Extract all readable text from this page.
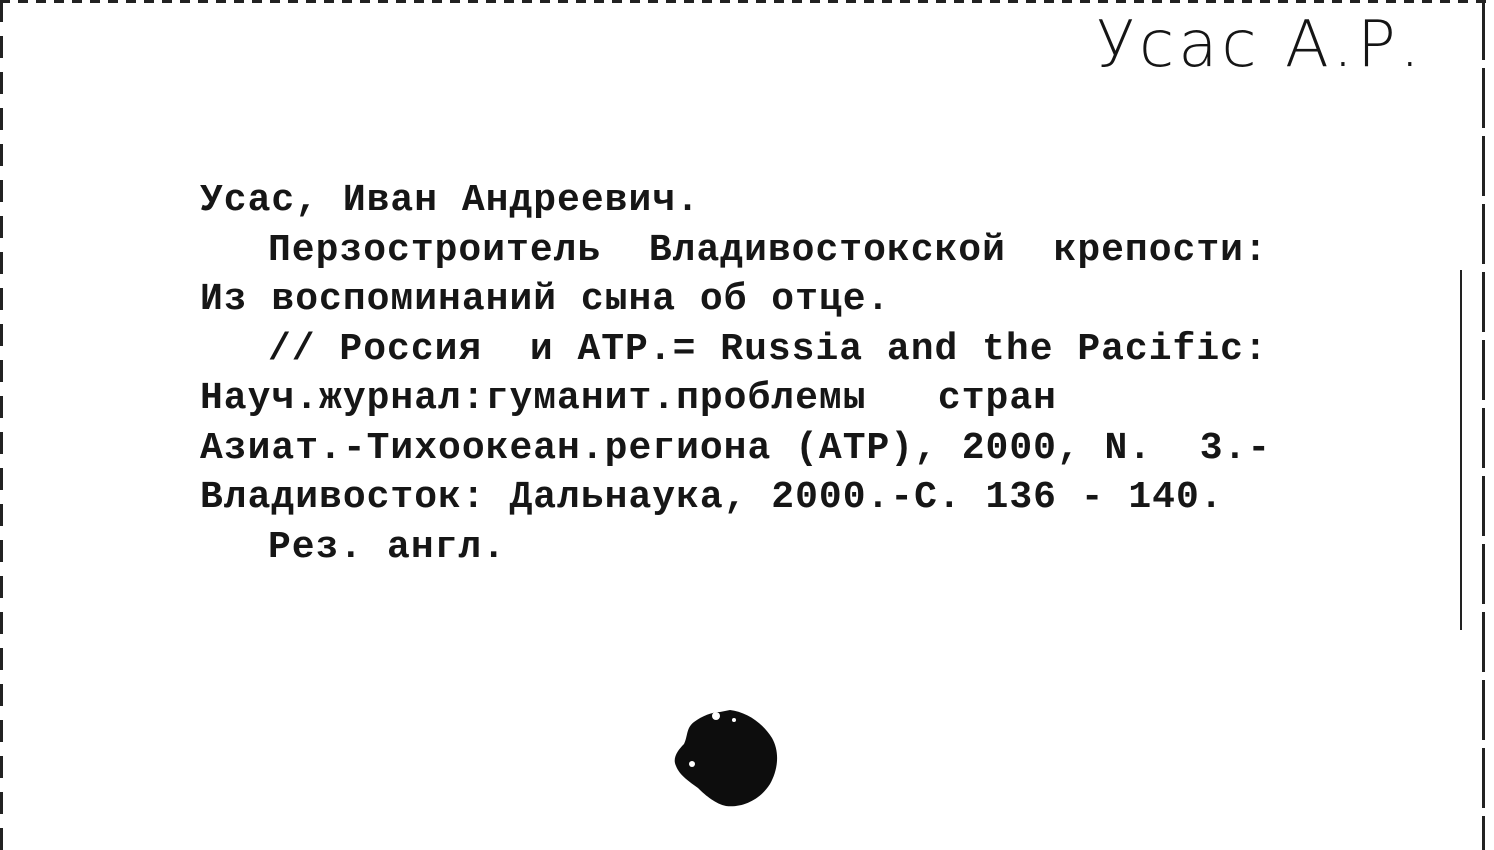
Усас А.Р.
Усас, Иван Андреевич.
Перзостроитель  Владивостокской  крепости:
Из воспоминаний сына об отце.
// Россия  и АТР.= Russia and the Pacific:
Науч.журнал:гуманит.проблемы   стран
Азиат.-Тихоокеан.региона (АТР), 2000, N.  3.-
Владивосток: Дальнаука, 2000.-С. 136 - 140.
Рез. англ.
